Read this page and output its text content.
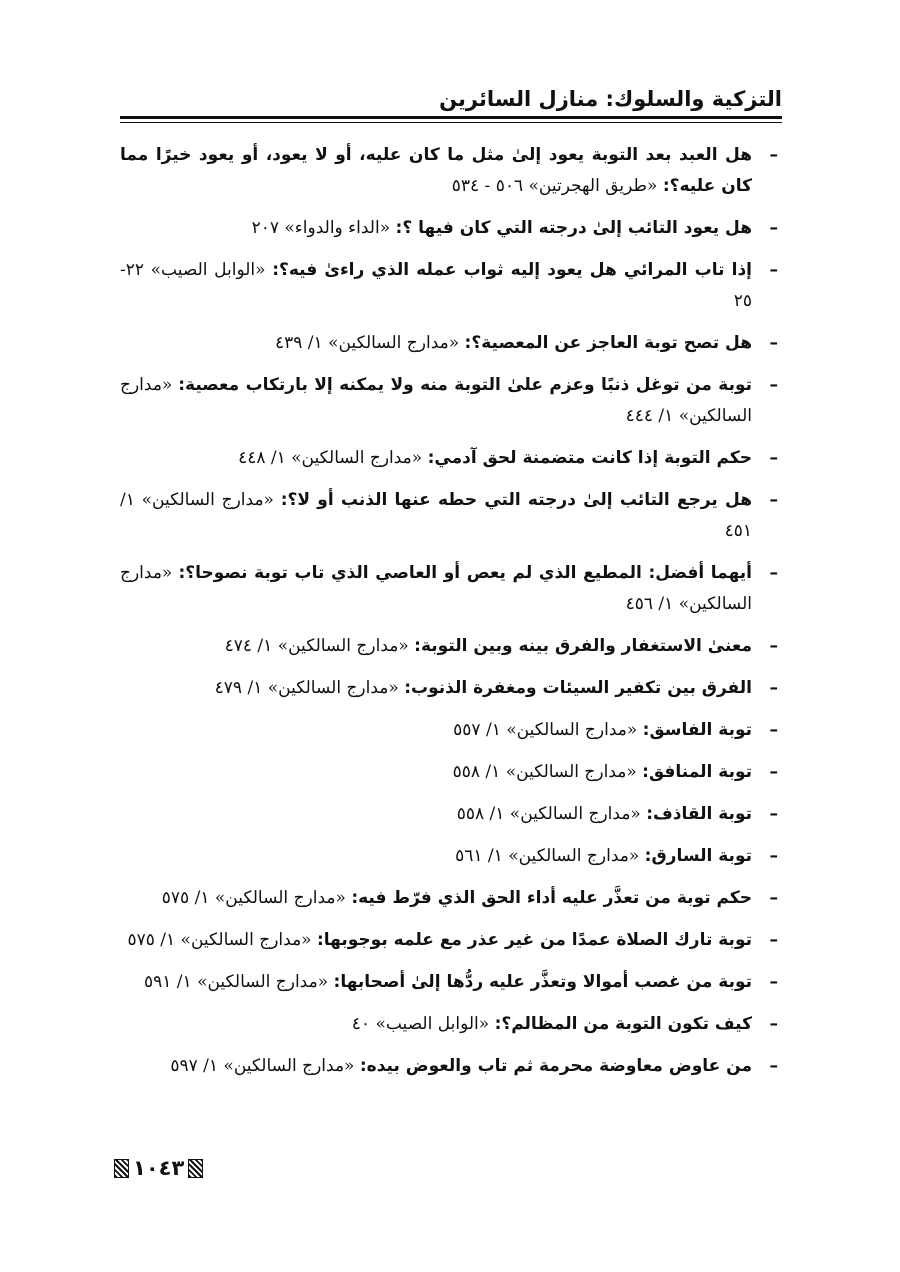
التزكية والسلوك: منازل السائرين
– هل العبد بعد التوبة يعود إلىٰ مثل ما كان عليه، أو لا يعود، أو يعود خيرًا مما كان عليه؟: «طريق الهجرتين» ٥٠٦ - ٥٣٤
– هل يعود التائب إلىٰ درجته التي كان فيها ؟: «الداء والدواء» ٢٠٧
– إذا تاب المرائي هل يعود إليه ثواب عمله الذي راءىٰ فيه؟: «الوابل الصيب» ٢٢- ٢٥
– هل تصح توبة العاجز عن المعصية؟: «مدارج السالكين» ١/ ٤٣٩
– توبة من توغل ذنبًا وعزم علىٰ التوبة منه ولا يمكنه إلا بارتكاب معصية: «مدارج السالكين» ١/ ٤٤٤
– حكم التوبة إذا كانت متضمنة لحق آدمي: «مدارج السالكين» ١/ ٤٤٨
– هل يرجع التائب إلىٰ درجته التي حطه عنها الذنب أو لا؟: «مدارج السالكين» ١/ ٤٥١
– أيهما أفضل: المطيع الذي لم يعص أو العاصي الذي تاب توبة نصوحا؟: «مدارج السالكين» ١/ ٤٥٦
– معنىٰ الاستغفار والفرق بينه وبين التوبة: «مدارج السالكين» ١/ ٤٧٤
– الفرق بين تكفير السيئات ومغفرة الذنوب: «مدارج السالكين» ١/ ٤٧٩
– توبة الفاسق: «مدارج السالكين» ١/ ٥٥٧
– توبة المنافق: «مدارج السالكين» ١/ ٥٥٨
– توبة القاذف: «مدارج السالكين» ١/ ٥٥٨
– توبة السارق: «مدارج السالكين» ١/ ٥٦١
– حكم توبة من تعذَّر عليه أداء الحق الذي فرّط فيه: «مدارج السالكين» ١/ ٥٧٥
– توبة تارك الصلاة عمدًا من غير عذر مع علمه بوجوبها: «مدارج السالكين» ١/ ٥٧٥
– توبة من غصب أموالا وتعذَّر عليه ردُّها إلىٰ أصحابها: «مدارج السالكين» ١/ ٥٩١
– كيف تكون التوبة من المظالم؟: «الوابل الصيب» ٤٠
– من عاوض معاوضة محرمة ثم تاب والعوض بيده: «مدارج السالكين» ١/ ٥٩٧
١٠٤٣
